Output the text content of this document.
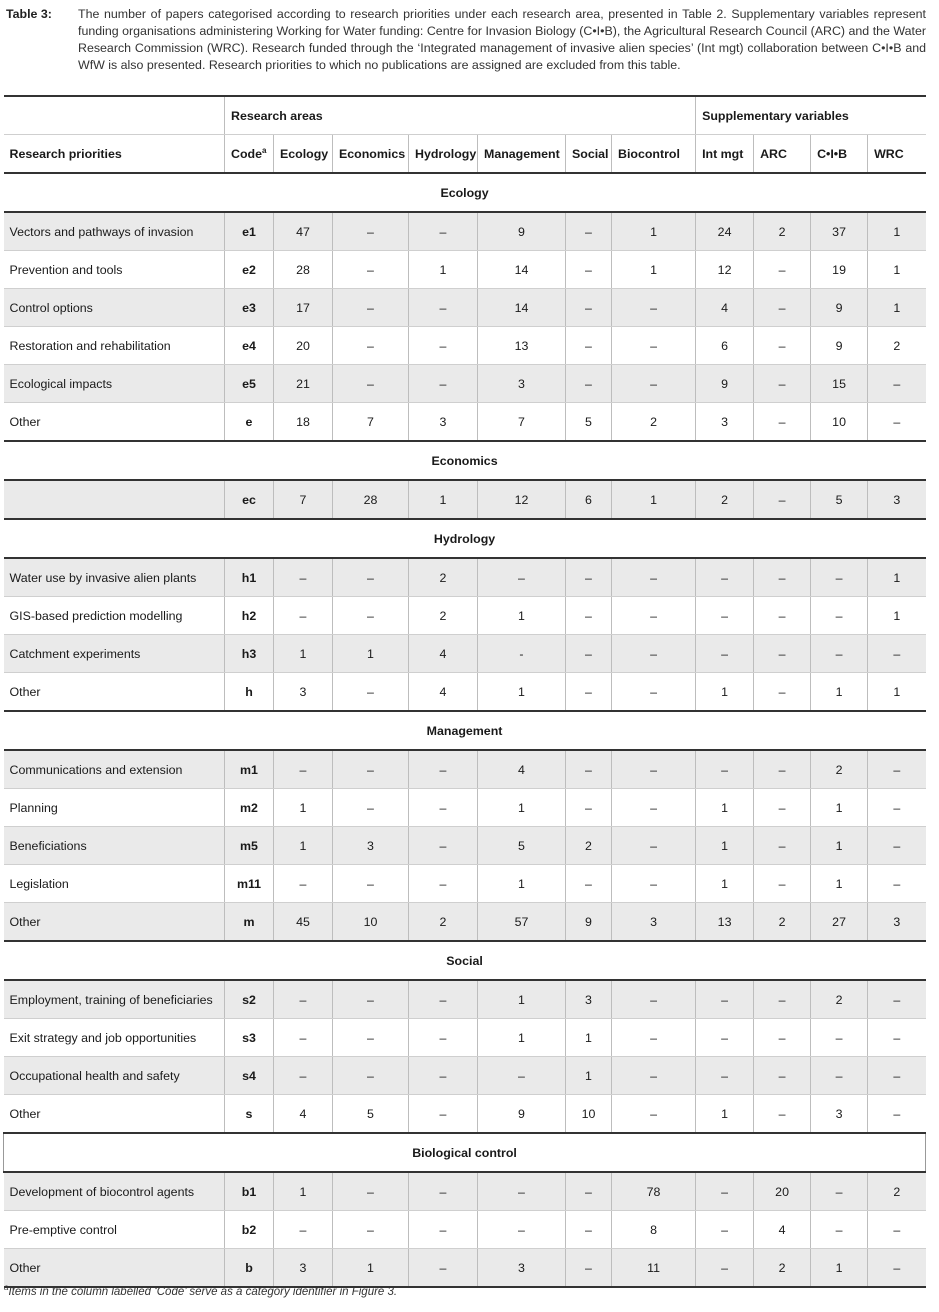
Table 3:	The number of papers categorised according to research priorities under each research area, presented in Table 2. Supplementary variables represent funding organisations administering Working for Water funding: Centre for Invasion Biology (C•I•B), the Agricultural Research Council (ARC) and the Water Research Commission (WRC). Research funded through the ‘Integrated management of invasive alien species’ (Int mgt) collaboration between C•I•B and WfW is also presented. Research priorities to which no publications are assigned are excluded from this table.
	Research areas							Supplementary variables			
Research priorities	Code$^a$	Ecology	Economics	Hydrology	Management	Social	Biocontrol	Int mgt	ARC	C•I•B	WRC
Ecology											
Vectors and pathways of invasion	e1	47	–	–	9	–	1	24	2	37	1
Prevention and tools	e2	28	–	1	14	–	1	12	–	19	1
Control options	e3	17	–	–	14	–	–	4	–	9	1
Restoration and rehabilitation	e4	20	–	–	13	–	–	6	–	9	2
Ecological impacts	e5	21	–	–	3	–	–	9	–	15	–
Other	e	18	7	3	7	5	2	3	–	10	–
Economics											
	ec	7	28	1	12	6	1	2	–	5	3
Hydrology											
Water use by invasive alien plants	h1	–	–	2	–	–	–	–	–	–	1
GIS-based prediction modelling	h2	–	–	2	1	–	–	–	–	–	1
Catchment experiments	h3	1	1	4	-	–	–	–	–	–	–
Other	h	3	–	4	1	–	–	1	–	1	1
Management											
Communications and extension	m1	–	–	–	4	–	–	–	–	2	–
Planning	m2	1	–	–	1	–	–	1	–	1	–
Beneficiations	m5	1	3	–	5	2	–	1	–	1	–
Legislation	m11	–	–	–	1	–	–	1	–	1	–
Other	m	45	10	2	57	9	3	13	2	27	3
Social											
Employment, training of beneficiaries	s2	–	–	–	1	3	–	–	–	2	–
Exit strategy and job opportunities	s3	–	–	–	1	1	–	–	–	–	–
Occupational health and safety	s4	–	–	–	–	1	–	–	–	–	–
Other	s	4	5	–	9	10	–	1	–	3	–
Biological control											
Development of biocontrol agents	b1	1	–	–	–	–	78	–	20	–	2
Pre-emptive control	b2	–	–	–	–	–	8	–	4	–	–
Other	b	3	1	–	3	–	11	–	2	1	–
$^a$Items in the column labelled ‘Code’ serve as a category identifier in Figure 3.
